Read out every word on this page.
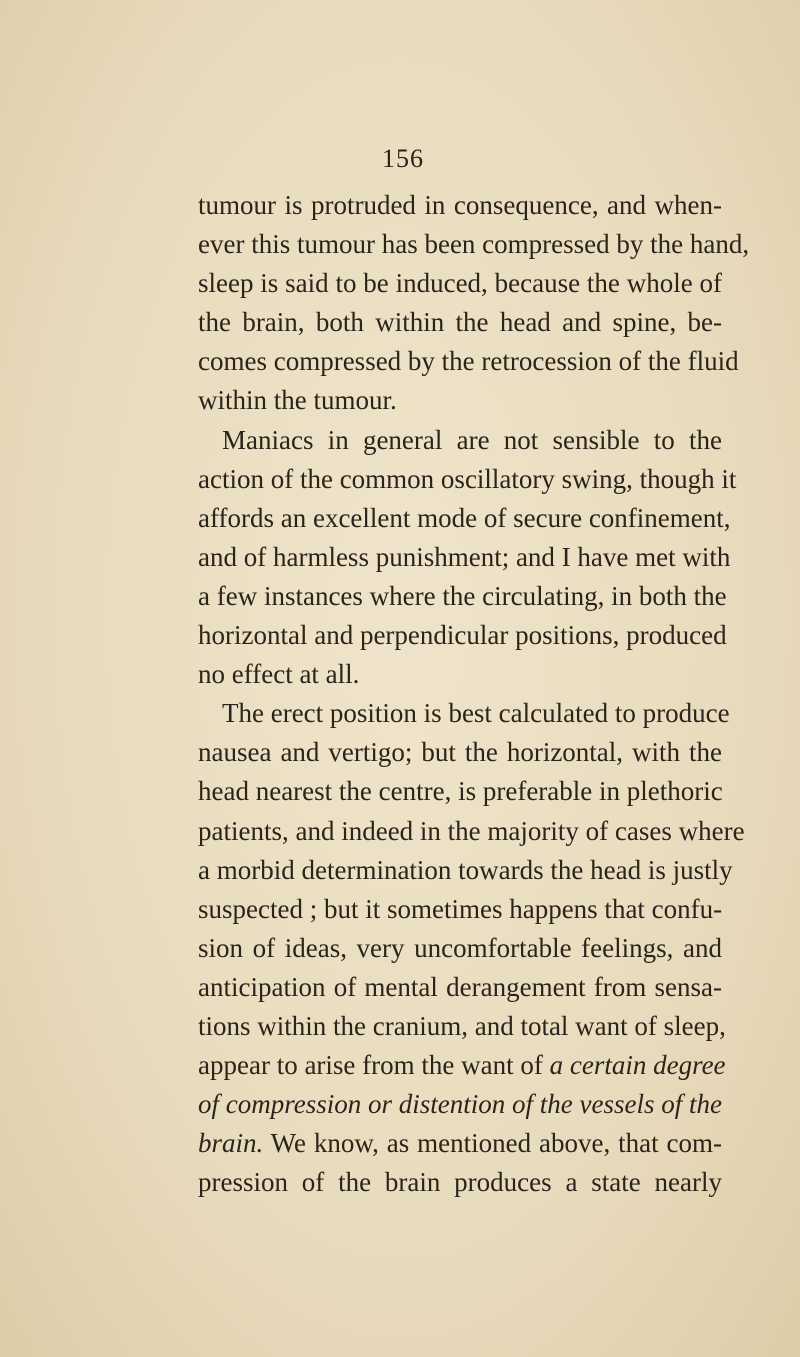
156
tumour is protruded in consequence, and when-
ever this tumour has been compressed by the hand,
sleep is said to be induced, because the whole of
the brain, both within the head and spine, be-
comes compressed by the retrocession of the fluid
within the tumour.
Maniacs in general are not sensible to the
action of the common oscillatory swing, though it
affords an excellent mode of secure confinement,
and of harmless punishment; and I have met with
a few instances where the circulating, in both the
horizontal and perpendicular positions, produced
no effect at all.
The erect position is best calculated to produce
nausea and vertigo; but the horizontal, with the
head nearest the centre, is preferable in plethoric
patients, and indeed in the majority of cases where
a morbid determination towards the head is justly
suspected ; but it sometimes happens that confu-
sion of ideas, very uncomfortable feelings, and
anticipation of mental derangement from sensa-
tions within the cranium, and total want of sleep,
appear to arise from the want of a certain degree
of compression or distention of the vessels of the
brain. We know, as mentioned above, that com-
pression of the brain produces a state nearly
